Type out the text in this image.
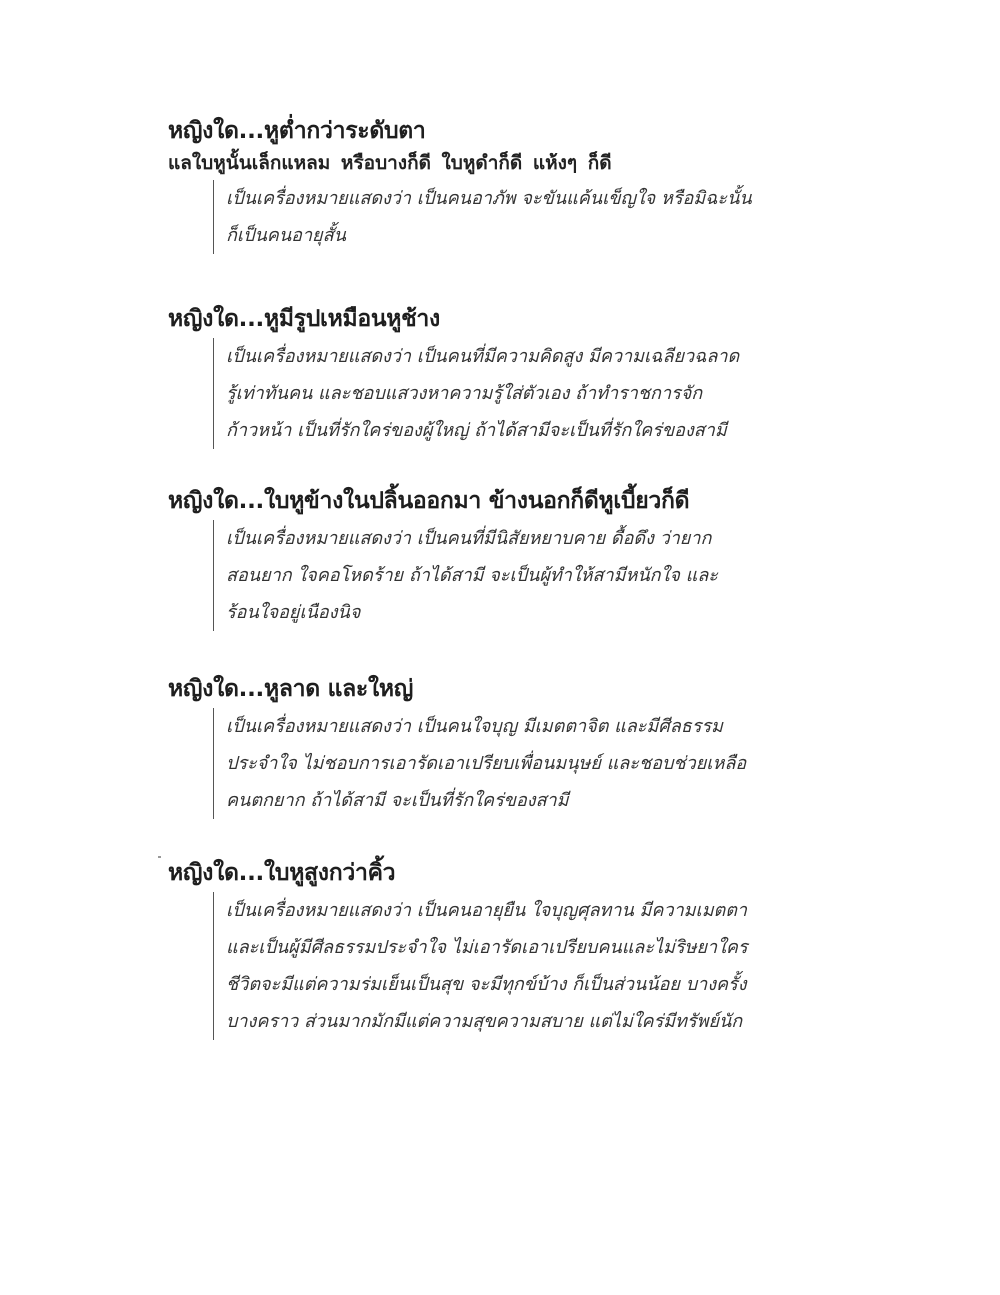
หญิงใด...หูต่ำกว่าระดับตา
แลใบหูนั้นเล็กแหลม หรือบางก็ดี ใบหูดำก็ดี แห้งๆ ก็ดี
เป็นเครื่องหมายแสดงว่า เป็นคนอาภัพ จะขันแค้นเข็ญใจ หรือมิฉะนั้น
ก็เป็นคนอายุสั้น
หญิงใด...หูมีรูปเหมือนหูช้าง
เป็นเครื่องหมายแสดงว่า เป็นคนที่มีความคิดสูง มีความเฉลียวฉลาด
รู้เท่าทันคน และชอบแสวงหาความรู้ใส่ตัวเอง ถ้าทำราชการจัก
ก้าวหน้า เป็นที่รักใคร่ของผู้ใหญ่ ถ้าได้สามีจะเป็นที่รักใคร่ของสามี
หญิงใด...ใบหูข้างในปลิ้นออกมา ข้างนอกก็ดีหูเบี้ยวก็ดี
เป็นเครื่องหมายแสดงว่า เป็นคนที่มีนิสัยหยาบคาย ดื้อดึง ว่ายาก
สอนยาก ใจคอโหดร้าย ถ้าได้สามี จะเป็นผู้ทำให้สามีหนักใจ และ
ร้อนใจอยู่เนืองนิจ
หญิงใด...หูลาด และใหญ่
เป็นเครื่องหมายแสดงว่า เป็นคนใจบุญ มีเมตตาจิต และมีศีลธรรม
ประจำใจ ไม่ชอบการเอารัดเอาเปรียบเพื่อนมนุษย์ และชอบช่วยเหลือ
คนตกยาก ถ้าได้สามี จะเป็นที่รักใคร่ของสามี
หญิงใด...ใบหูสูงกว่าคิ้ว
เป็นเครื่องหมายแสดงว่า เป็นคนอายุยืน ใจบุญศุลทาน มีความเมตตา
และเป็นผู้มีศีลธรรมประจำใจ ไม่เอารัดเอาเปรียบคนและไม่ริษยาใคร
ชีวิตจะมีแต่ความร่มเย็นเป็นสุข จะมีทุกข์บ้าง ก็เป็นส่วนน้อย บางครั้ง
บางคราว ส่วนมากมักมีแต่ความสุขความสบาย แต่ไม่ใคร่มีทรัพย์นัก
